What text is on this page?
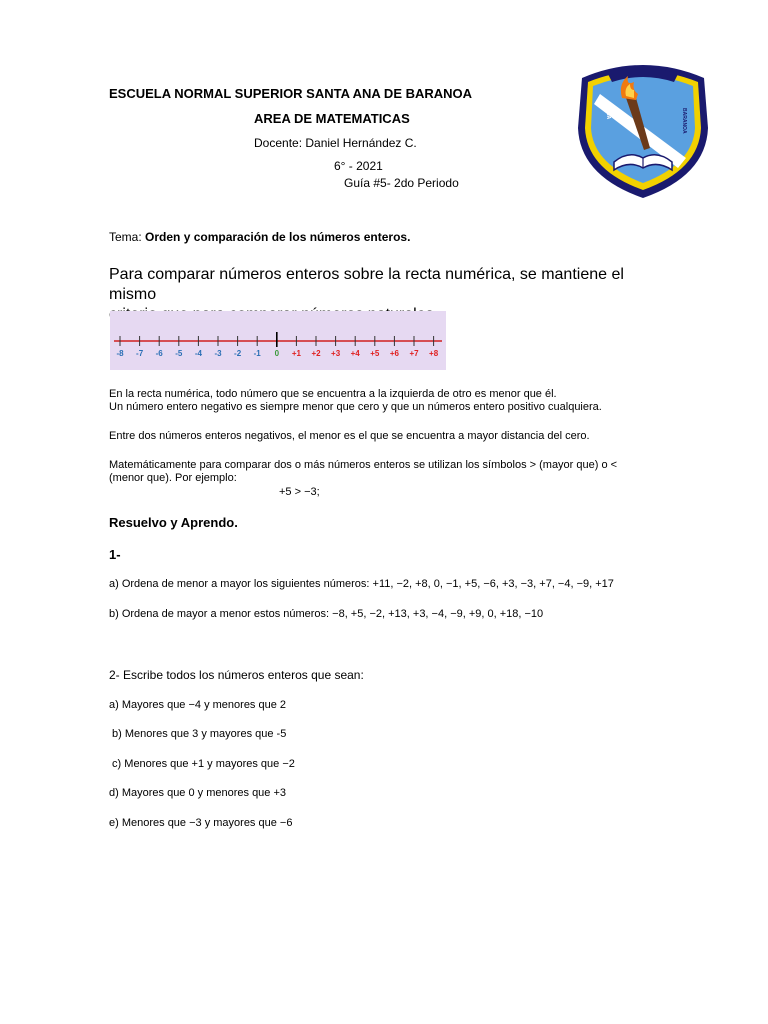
ESCUELA NORMAL SUPERIOR SANTA ANA DE BARANOA
AREA DE MATEMATICAS
Docente: Daniel Hernández C.
6° - 2021
Guía #5- 2do Periodo
ENSSA	BARANOA
Tema: Orden y comparación de los números enteros.
Para comparar números enteros sobre la recta numérica, se mantiene el mismo
-8 -7 -6 -5 -4 -3 -2 -1 0 +1 +2 +3 +4 +5 +6 +7 +8
En la recta numérica, todo número que se encuentra a la izquierda de otro es menor que él.
Un número entero negativo es siempre menor que cero y que un números entero positivo cualquiera.
Entre dos números enteros negativos, el menor es el que se encuentra a mayor distancia del cero.
Matemáticamente para comparar dos o más números enteros se utilizan los símbolos > (mayor que) o <
(menor que). Por ejemplo:
+5 > −3;
Resuelvo y Aprendo.
1-
a) Ordena de menor a mayor los siguientes números: +11, −2, +8, 0, −1, +5, −6, +3, −3, +7, −4, −9, +17
b) Ordena de mayor a menor estos números: −8, +5, −2, +13, +3, −4, −9, +9, 0, +18, −10
2- Escribe todos los números enteros que sean:
a) Mayores que −4 y menores que 2
b) Menores que 3 y mayores que -5
c) Menores que +1 y mayores que −2
d) Mayores que 0 y menores que +3
e) Menores que −3 y mayores que −6
